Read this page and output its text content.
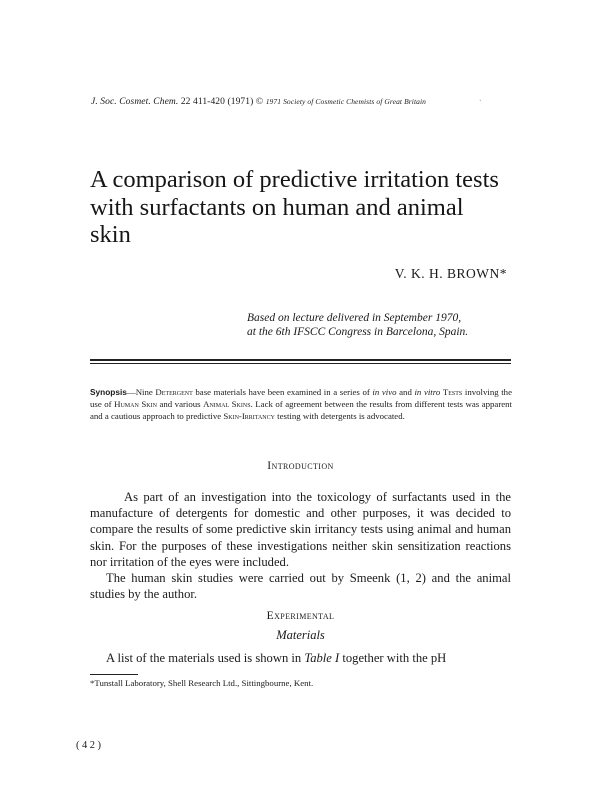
J. Soc. Cosmet. Chem. 22 411-420 (1971) © 1971 Society of Cosmetic Chemists of Great Britain
ˎ
A comparison of predictive irritation tests with surfactants on human and animal skin
V. K. H. BROWN*
Based on lecture delivered in September 1970,
at the 6th IFSCC Congress in Barcelona, Spain.
Synopsis—Nine Detergent base materials have been examined in a series of in vivo and in vitro Tests involving the use of Human Skin and various Animal Skins. Lack of agreement between the results from different tests was apparent and a cautious approach to predictive Skin-Irritancy testing with detergents is advocated.
Introduction

As part of an investigation into the toxicology of surfactants used in the manufacture of detergents for domestic and other purposes, it was decided to compare the results of some predictive skin irritancy tests using animal and human skin. For the purposes of these investigations neither skin sensitization reactions nor irritation of the eyes were included.

The human skin studies were carried out by Smeenk (1, 2) and the animal studies by the author.

Experimental
Materials

A list of the materials used is shown in Table I together with the pH

*Tunstall Laboratory, Shell Research Ltd., Sittingbourne, Kent.
(42)
